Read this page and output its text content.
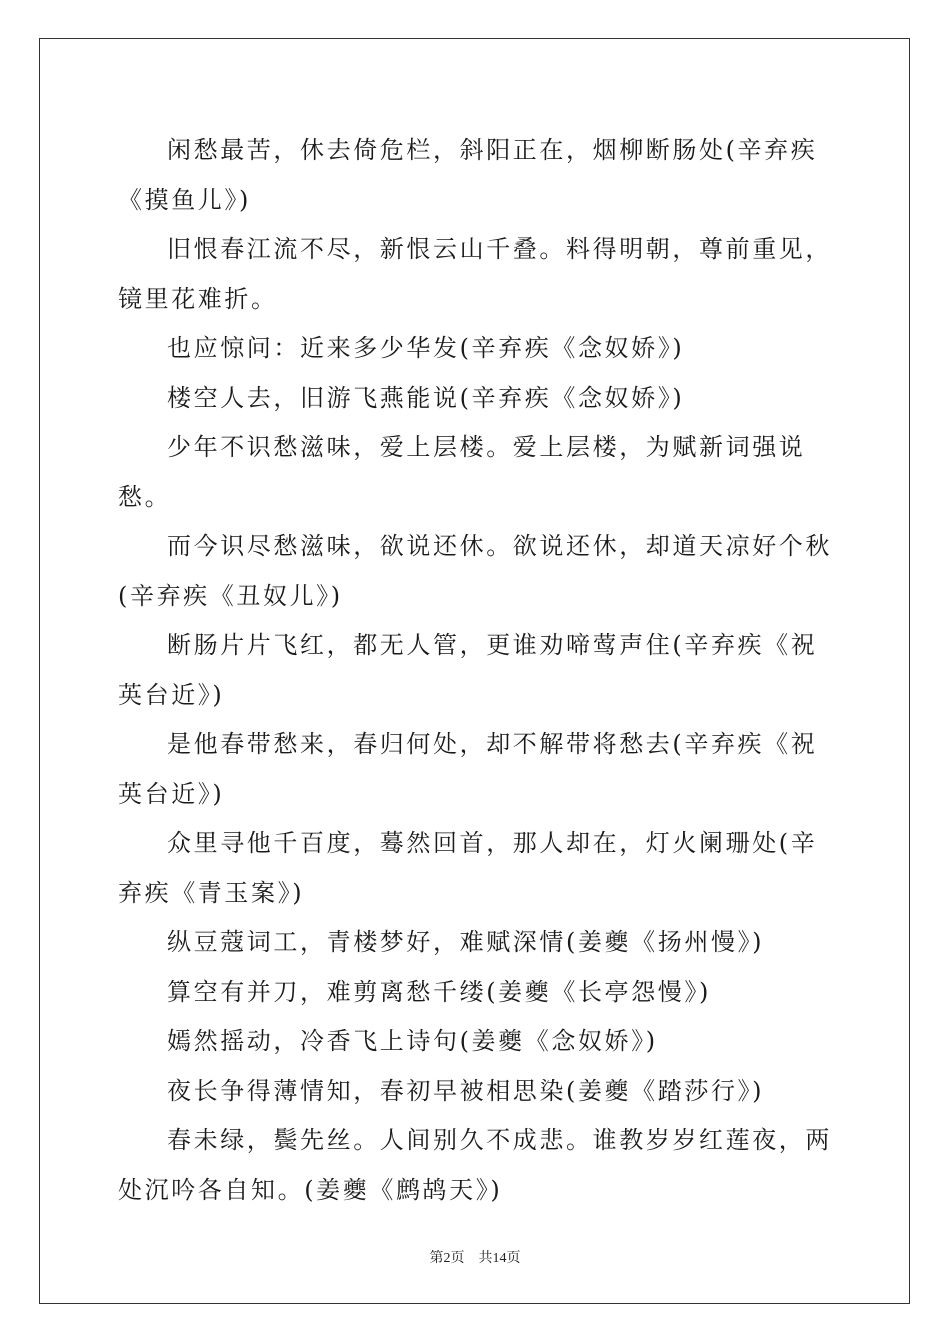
闲愁最苦，休去倚危栏，斜阳正在，烟柳断肠处(辛弃疾《摸鱼儿》)

旧恨春江流不尽，新恨云山千叠。料得明朝，尊前重见，镜里花难折。

也应惊问：近来多少华发(辛弃疾《念奴娇》)

楼空人去，旧游飞燕能说(辛弃疾《念奴娇》)

少年不识愁滋味，爱上层楼。爱上层楼，为赋新词强说愁。

而今识尽愁滋味，欲说还休。欲说还休，却道天凉好个秋(辛弃疾《丑奴儿》)

断肠片片飞红，都无人管，更谁劝啼莺声住(辛弃疾《祝英台近》)

是他春带愁来，春归何处，却不解带将愁去(辛弃疾《祝英台近》)

众里寻他千百度，蓦然回首，那人却在，灯火阑珊处(辛弃疾《青玉案》)

纵豆蔻词工，青楼梦好，难赋深情(姜夔《扬州慢》)

算空有并刀，难剪离愁千缕(姜夔《长亭怨慢》)

嫣然摇动，冷香飞上诗句(姜夔《念奴娇》)

夜长争得薄情知，春初早被相思染(姜夔《踏莎行》)

春未绿，鬓先丝。人间别久不成悲。谁教岁岁红莲夜，两处沉吟各自知。(姜夔《鹧鸪天》)

第2页 共14页
